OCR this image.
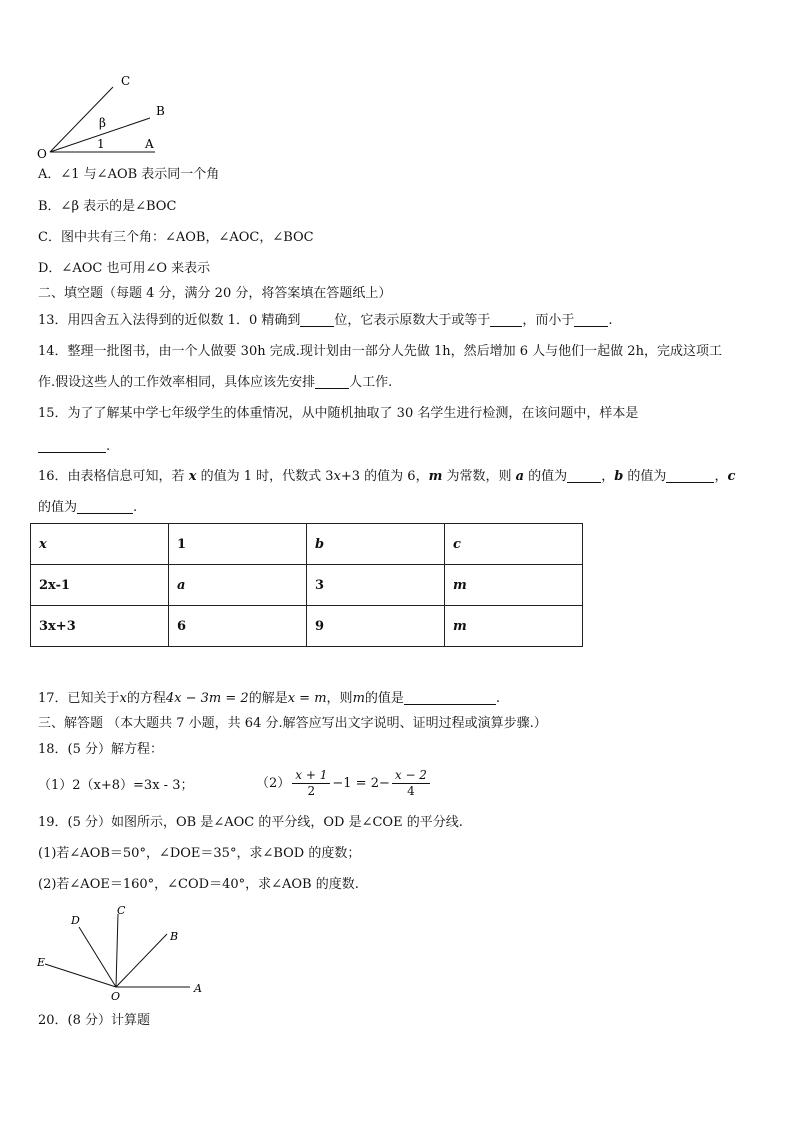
C
B
β
1
O
A
A．∠1 与∠AOB 表示同一个角
B．∠β 表示的是∠BOC
C．图中共有三个角：∠AOB，∠AOC，∠BOC
D．∠AOC 也可用∠O 来表示
二、填空题（每题 4 分，满分 20 分，将答案填在答题纸上）
13．用四舍五入法得到的近似数 1．0 精确到	位，它表示原数大于或等于 ，而小于	.
14．整理一批图书，由一个人做要 30h 完成.现计划由一部分人先做 1h，然后增加 6 人与他们一起做 2h，完成这项工
作.假设这些人的工作效率相同，具体应该先安排	人工作.
15．为了了解某中学七年级学生的体重情况，从中随机抽取了 30 名学生进行检测，在该问题中，样本是
.
16．由表格信息可知，若 x 的值为 1 时，代数式 3x+3 的值为 6，m 为常数，则 a 的值为	，b 的值为	，c
的值为	.
x	1	b	c
2x-1	a	3	m
3x+3	6	9	m
17．已知关于x的方程4x − 3m = 2的解是x = m，则m的值是	.
三、解答题 （本大题共 7 小题，共 64 分.解答应写出文字说明、证明过程或演算步骤.）
18．(5 分）解方程：
（1）2（x+8）=3x - 3；	$(2) \frac{x + 1}{2} -1 = 2- \frac{x - 2}{4}$
19．(5 分）如图所示，OB 是∠AOC 的平分线，OD 是∠COE 的平分线.
(1)若∠AOB＝50°，∠DOE＝35°，求∠BOD 的度数；
(2)若∠AOE＝160°，∠COD＝40°，求∠AOB 的度数.
D
C
B
E
O
A
20．(8 分）计算题
